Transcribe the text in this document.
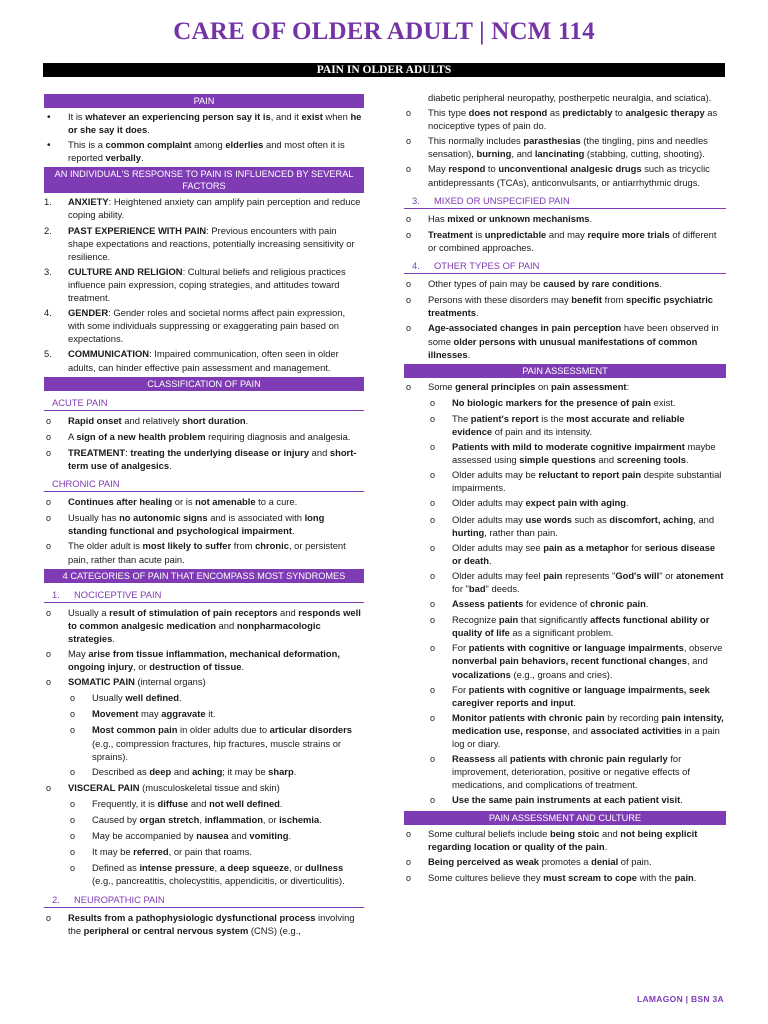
CARE OF OLDER ADULT | NCM 114
PAIN IN OLDER ADULTS
PAIN
•
It is whatever an experiencing person say it is, and it exist when he or she say it does.
•
This is a common complaint among elderlies and most often it is reported verbally.
AN INDIVIDUAL'S RESPONSE TO PAIN IS INFLUENCED BY SEVERAL FACTORS
1.	ANXIETY: Heightened anxiety can amplify pain perception and reduce coping ability.
2.	PAST EXPERIENCE WITH PAIN: Previous encounters with pain shape expectations and reactions, potentially increasing sensitivity or resilience.
3.	CULTURE AND RELIGION: Cultural beliefs and religious practices influence pain expression, coping strategies, and attitudes toward treatment.
4.	GENDER: Gender roles and societal norms affect pain expression, with some individuals suppressing or exaggerating pain based on expectations.
5.	COMMUNICATION: Impaired communication, often seen in older adults, can hinder effective pain assessment and management.
CLASSIFICATION OF PAIN
ACUTE PAIN
o
Rapid onset and relatively short duration.
o
A sign of a new health problem requiring diagnosis and analgesia.
o
TREATMENT: treating the underlying disease or injury and short-term use of analgesics.
CHRONIC PAIN
o
Continues after healing or is not amenable to a cure.
o
Usually has no autonomic signs and is associated with long standing functional and psychological impairment.
o
The older adult is most likely to suffer from chronic, or persistent pain, rather than acute pain.
4 CATEGORIES OF PAIN THAT ENCOMPASS MOST SYNDROMES
1. NOCICEPTIVE PAIN
o
Usually a result of stimulation of pain receptors and responds well to common analgesic medication and nonpharmacologic strategies.
o
May arise from tissue inflammation, mechanical deformation, ongoing injury, or destruction of tissue.
o
SOMATIC PAIN (internal organs)
o
Usually well defined.
o
Movement may aggravate it.
o
Most common pain in older adults due to articular disorders (e.g., compression fractures, hip fractures, muscle strains or sprains).
o
Described as deep and aching; it may be sharp.
o
VISCERAL PAIN (musculoskeletal tissue and skin)
o
Frequently, it is diffuse and not well defined.
o
Caused by organ stretch, inflammation, or ischemia.
o
May be accompanied by nausea and vomiting.
o
It may be referred, or pain that roams.
o
Defined as intense pressure, a deep squeeze, or dullness (e.g., pancreatitis, cholecystitis, appendicitis, or diverticulitis).
2. NEUROPATHIC PAIN
o
Results from a pathophysiologic dysfunctional process involving the peripheral or central nervous system (CNS) (e.g.,
diabetic peripheral neuropathy, postherpetic neuralgia, and sciatica).
o
This type does not respond as predictably to analgesic therapy as nociceptive types of pain do.
o
This normally includes parasthesias (the tingling, pins and needles sensation), burning, and lancinating (stabbing, cutting, shooting).
o
May respond to unconventional analgesic drugs such as tricyclic antidepressants (TCAs), anticonvulsants, or antiarrhythmic drugs.
3. MIXED OR UNSPECIFIED PAIN
o
Has mixed or unknown mechanisms.
o
Treatment is unpredictable and may require more trials of different or combined approaches.
4. OTHER TYPES OF PAIN
o
Other types of pain may be caused by rare conditions.
o
Persons with these disorders may benefit from specific psychiatric treatments.
o
Age-associated changes in pain perception have been observed in some older persons with unusual manifestations of common illnesses.
PAIN ASSESSMENT
o
Some general principles on pain assessment:
o
No biologic markers for the presence of pain exist.
o
The patient's report is the most accurate and reliable evidence of pain and its intensity.
o
Patients with mild to moderate cognitive impairment maybe assessed using simple questions and screening tools.
o
Older adults may be reluctant to report pain despite substantial impairments.
o
Older adults may expect pain with aging.
o
Older adults may use words such as discomfort, aching, and hurting, rather than pain.
o
Older adults may see pain as a metaphor for serious disease or death.
o
Older adults may feel pain represents "God's will" or atonement for "bad" deeds.
o
Assess patients for evidence of chronic pain.
o
Recognize pain that significantly affects functional ability or quality of life as a significant problem.
o
For patients with cognitive or language impairments, observe nonverbal pain behaviors, recent functional changes, and vocalizations (e.g., groans and cries).
o
For patients with cognitive or language impairments, seek caregiver reports and input.
o
Monitor patients with chronic pain by recording pain intensity, medication use, response, and associated activities in a pain log or diary.
o
Reassess all patients with chronic pain regularly for improvement, deterioration, positive or negative effects of medications, and complications of treatment.
o
Use the same pain instruments at each patient visit.
PAIN ASSESSMENT AND CULTURE
o
Some cultural beliefs include being stoic and not being explicit regarding location or quality of the pain.
o
Being perceived as weak promotes a denial of pain.
o
Some cultures believe they must scream to cope with the pain.
LAMAGON | BSN 3A
